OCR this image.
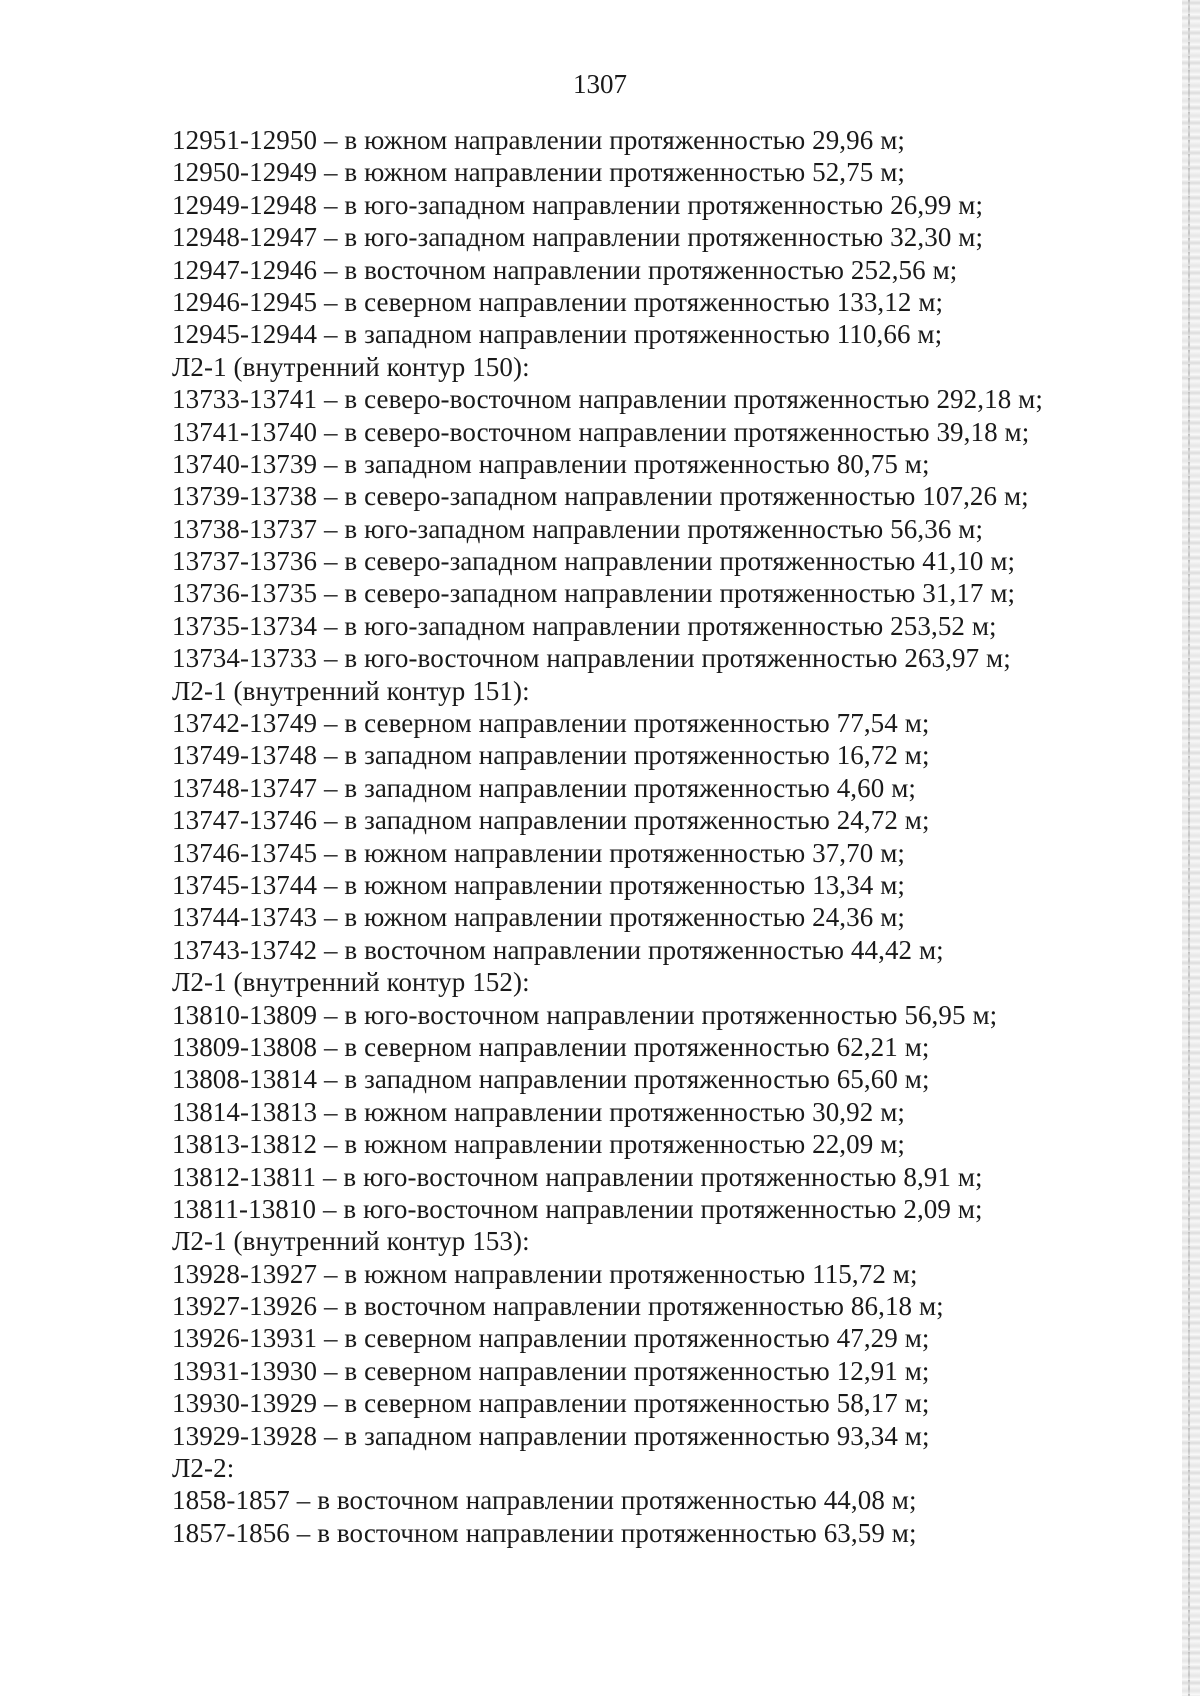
1307
12951-12950 – в южном направлении протяженностью 29,96 м;
12950-12949 – в южном направлении протяженностью 52,75 м;
12949-12948 – в юго-западном направлении протяженностью 26,99 м;
12948-12947 – в юго-западном направлении протяженностью 32,30 м;
12947-12946 – в восточном направлении протяженностью 252,56 м;
12946-12945 – в северном направлении протяженностью 133,12 м;
12945-12944 – в западном направлении протяженностью 110,66 м;
Л2-1 (внутренний контур 150):
13733-13741 – в северо-восточном направлении протяженностью 292,18 м;
13741-13740 – в северо-восточном направлении протяженностью 39,18 м;
13740-13739 – в западном направлении протяженностью 80,75 м;
13739-13738 – в северо-западном направлении протяженностью 107,26 м;
13738-13737 – в юго-западном направлении протяженностью 56,36 м;
13737-13736 – в северо-западном направлении протяженностью 41,10 м;
13736-13735 – в северо-западном направлении протяженностью 31,17 м;
13735-13734 – в юго-западном направлении протяженностью 253,52 м;
13734-13733 – в юго-восточном направлении протяженностью 263,97 м;
Л2-1 (внутренний контур 151):
13742-13749 – в северном направлении протяженностью 77,54 м;
13749-13748 – в западном направлении протяженностью 16,72 м;
13748-13747 – в западном направлении протяженностью 4,60 м;
13747-13746 – в западном направлении протяженностью 24,72 м;
13746-13745 – в южном направлении протяженностью 37,70 м;
13745-13744 – в южном направлении протяженностью 13,34 м;
13744-13743 – в южном направлении протяженностью 24,36 м;
13743-13742 – в восточном направлении протяженностью 44,42 м;
Л2-1 (внутренний контур 152):
13810-13809 – в юго-восточном направлении протяженностью 56,95 м;
13809-13808 – в северном направлении протяженностью 62,21 м;
13808-13814 – в западном направлении протяженностью 65,60 м;
13814-13813 – в южном направлении протяженностью 30,92 м;
13813-13812 – в южном направлении протяженностью 22,09 м;
13812-13811 – в юго-восточном направлении протяженностью 8,91 м;
13811-13810 – в юго-восточном направлении протяженностью 2,09 м;
Л2-1 (внутренний контур 153):
13928-13927 – в южном направлении протяженностью 115,72 м;
13927-13926 – в восточном направлении протяженностью 86,18 м;
13926-13931 – в северном направлении протяженностью 47,29 м;
13931-13930 – в северном направлении протяженностью 12,91 м;
13930-13929 – в северном направлении протяженностью 58,17 м;
13929-13928 – в западном направлении протяженностью 93,34 м;
Л2-2:
1858-1857 – в восточном направлении протяженностью 44,08 м;
1857-1856 – в восточном направлении протяженностью 63,59 м;
